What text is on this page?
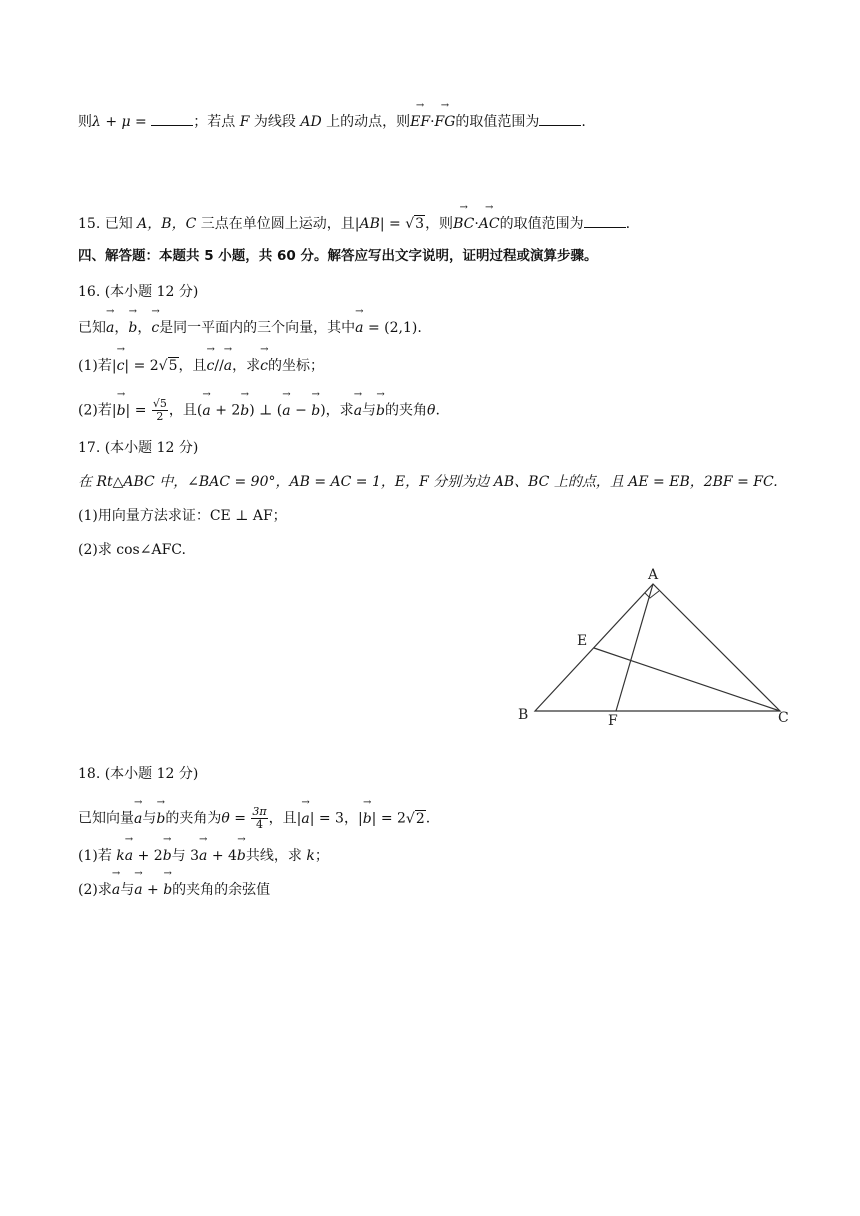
则λ + μ =	；若点 F 为线段 AD 上的动点，则→ EF·→ FG的取值范围为	.
15. 已知 A，B，C 三点在单位圆上运动，且|AB| = √3，则→ BC·→ AC的取值范围为	.
四、解答题：本题共 5 小题，共 60 分。解答应写出文字说明，证明过程或演算步骤。
16. (本小题 12 分)
已知→ a，→ b，→ c是同一平面内的三个向量，其中→ a = (2,1).
(1)若|→ c| = 2√5，且→ c//→ a，求→ c的坐标；
(2)若|→ $b| = \frac{√5}{2}$ ，且(→ a + 2→ b) ⊥ (→ a − → b)，求→ a与→ b的夹角θ.
17. (本小题 12 分)
在 Rt△ABC 中，∠BAC = 90°，AB = AC = 1，E，F 分别为边 AB、BC 上的点，且 AE = EB，2BF = FC.
(1)用向量方法求证：CE ⊥ AF；
(2)求 cos∠AFC.
A
B	C
E
F
18. (本小题 12 分)
已知向量→ a与→ b的夹角为$\theta = \frac{3\pi}{4}$ ，且|→ a| = 3，|→ b| = 2√2.
(1)若 k→ a + 2→ b与 3→ a + 4→ b共线，求 k；
(2)求→ a与→ a + → b的夹角的余弦值
